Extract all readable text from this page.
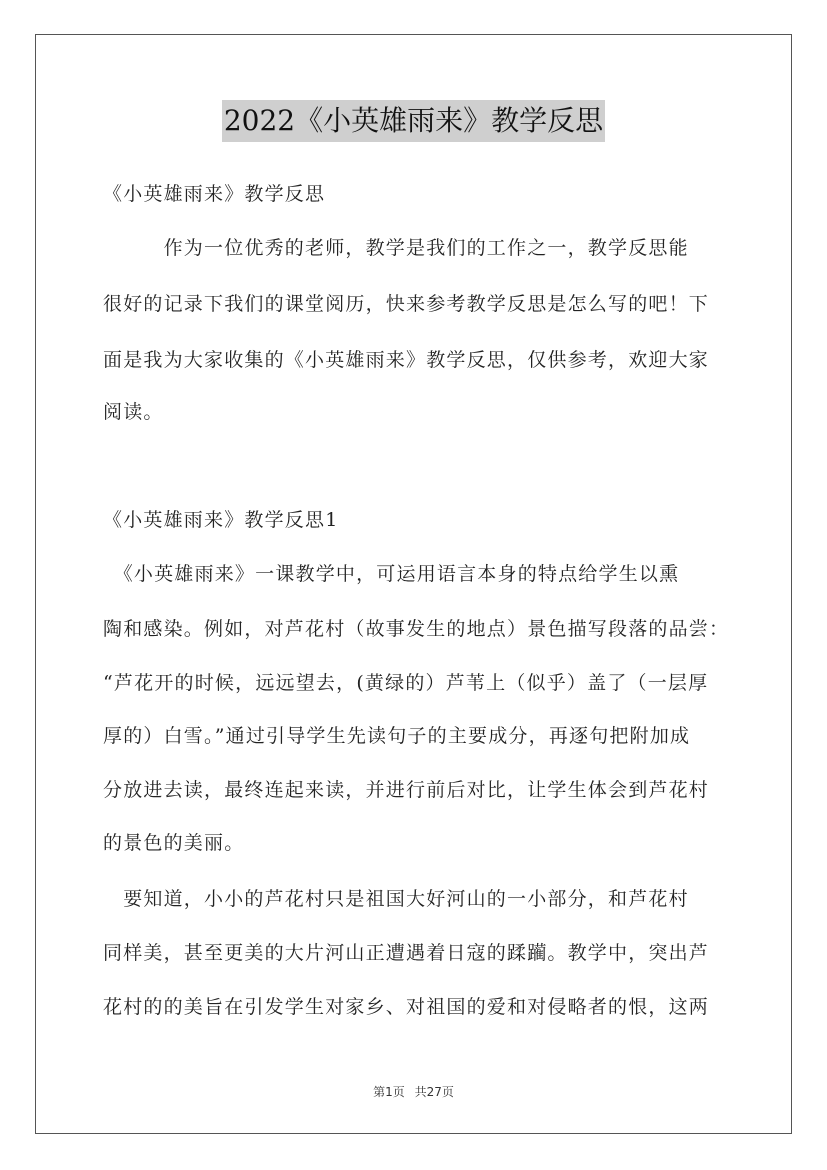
2022《小英雄雨来》教学反思
《小英雄雨来》教学反思
　　　作为一位优秀的老师，教学是我们的工作之一，教学反思能
很好的记录下我们的课堂阅历，快来参考教学反思是怎么写的吧！下
面是我为大家收集的《小英雄雨来》教学反思，仅供参考，欢迎大家
阅读。
《小英雄雨来》教学反思1
　《小英雄雨来》一课教学中，可运用语言本身的特点给学生以熏
陶和感染。例如，对芦花村（故事发生的地点）景色描写段落的品尝：
“芦花开的时候，远远望去，(黄绿的）芦苇上（似乎）盖了（一层厚
厚的）白雪。”通过引导学生先读句子的主要成分，再逐句把附加成
分放进去读，最终连起来读，并进行前后对比，让学生体会到芦花村
的景色的美丽。
　要知道，小小的芦花村只是祖国大好河山的一小部分，和芦花村
同样美，甚至更美的大片河山正遭遇着日寇的蹂躏。教学中，突出芦
花村的的美旨在引发学生对家乡、对祖国的爱和对侵略者的恨，这两
第1页 共27页
